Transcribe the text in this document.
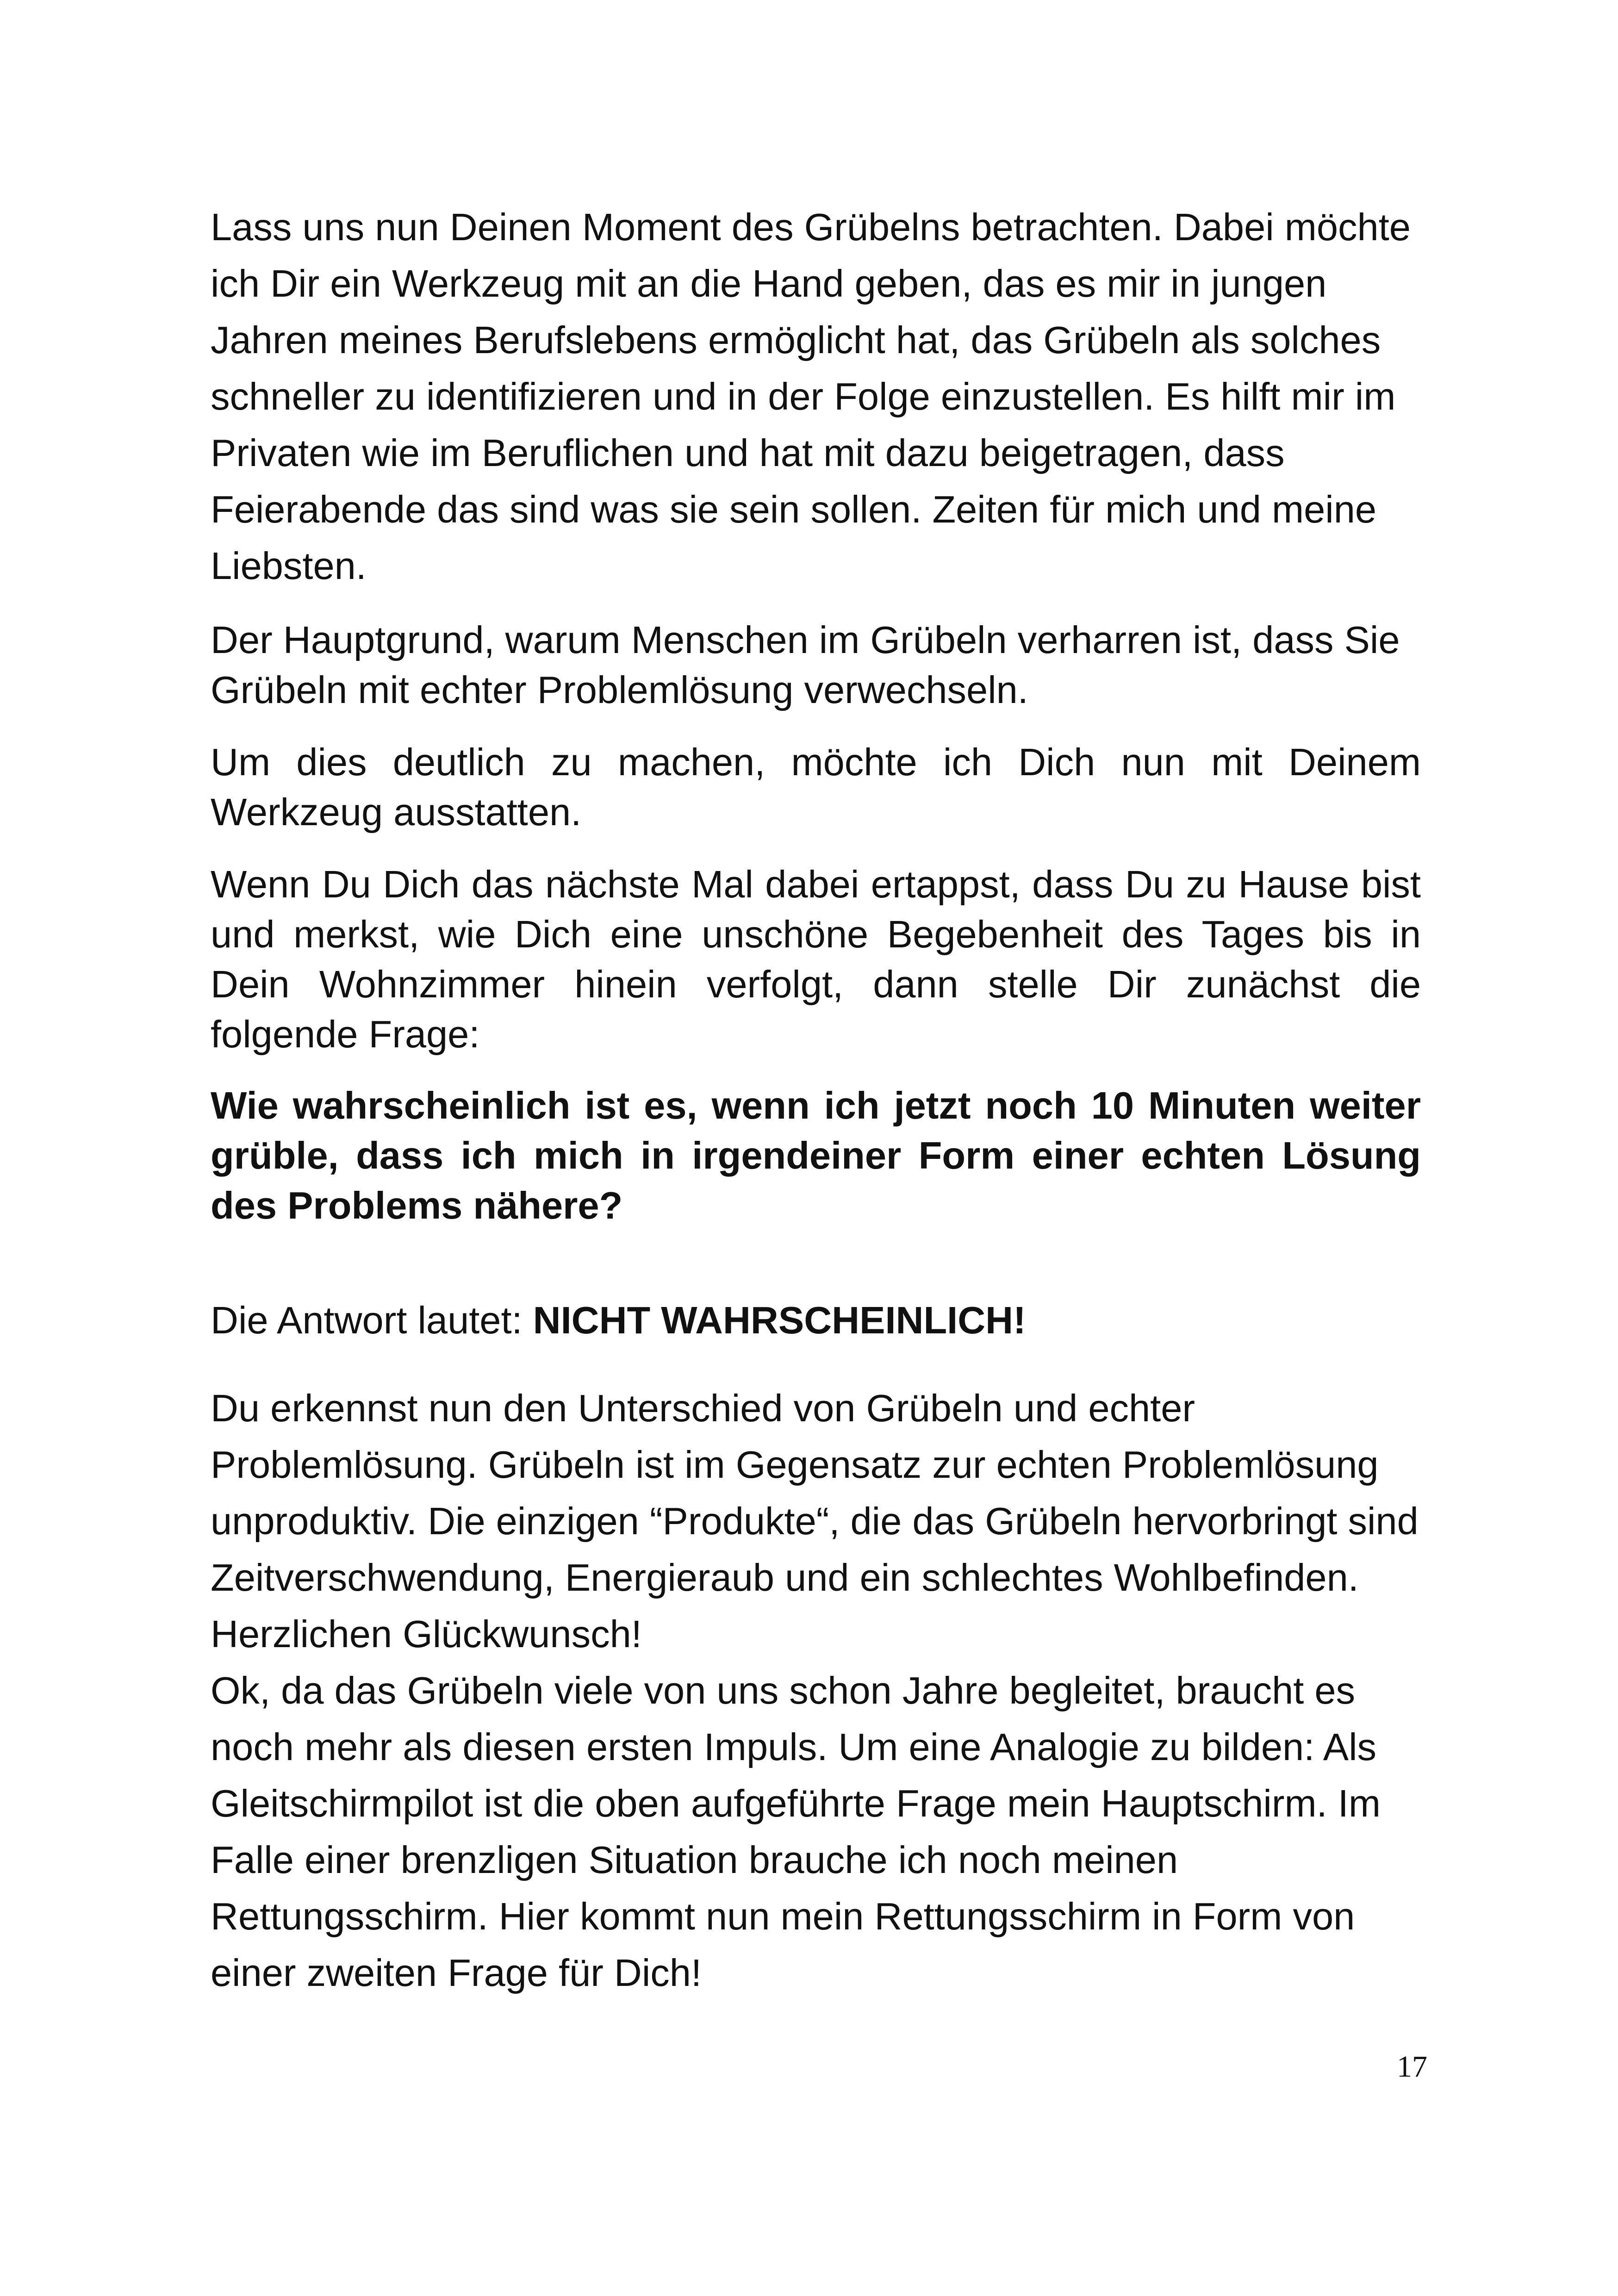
Lass uns nun Deinen Moment des Grübelns betrachten. Dabei möchte ich Dir ein Werkzeug mit an die Hand geben, das es mir in jungen Jahren meines Berufslebens ermöglicht hat, das Grübeln als solches schneller zu identifizieren und in der Folge einzustellen. Es hilft mir im Privaten wie im Beruflichen und hat mit dazu beigetragen, dass Feierabende das sind was sie sein sollen. Zeiten für mich und meine Liebsten.

Der Hauptgrund, warum Menschen im Grübeln verharren ist, dass Sie Grübeln mit echter Problemlösung verwechseln.

Um dies deutlich zu machen, möchte ich Dich nun mit Deinem Werkzeug ausstatten.

Wenn Du Dich das nächste Mal dabei ertappst, dass Du zu Hause bist und merkst, wie Dich eine unschöne Begebenheit des Tages bis in Dein Wohnzimmer hinein verfolgt, dann stelle Dir zunächst die folgende Frage:

Wie wahrscheinlich ist es, wenn ich jetzt noch 10 Minuten weiter grüble, dass ich mich in irgendeiner Form einer echten Lösung des Problems nähere?

Die Antwort lautet: NICHT WAHRSCHEINLICH!

Du erkennst nun den Unterschied von Grübeln und echter Problemlösung. Grübeln ist im Gegensatz zur echten Problemlösung unproduktiv. Die einzigen “Produkte“, die das Grübeln hervorbringt sind Zeitverschwendung, Energieraub und ein schlechtes Wohlbefinden. Herzlichen Glückwunsch!

Ok, da das Grübeln viele von uns schon Jahre begleitet, braucht es noch mehr als diesen ersten Impuls. Um eine Analogie zu bilden: Als Gleitschirmpilot ist die oben aufgeführte Frage mein Hauptschirm. Im Falle einer brenzligen Situation brauche ich noch meinen Rettungsschirm. Hier kommt nun mein Rettungsschirm in Form von einer zweiten Frage für Dich!

17
